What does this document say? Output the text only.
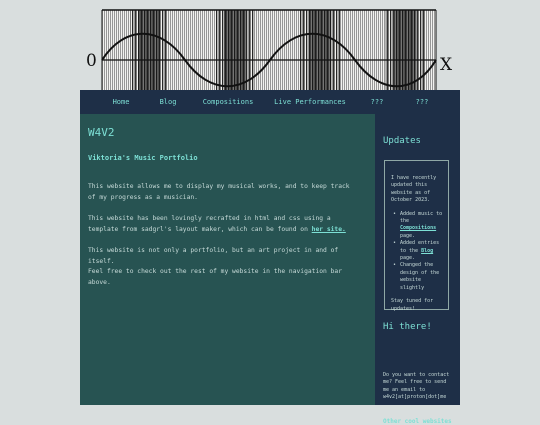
0	X
Home	Blog	Compositions	Live Performances	???	???
W4V2
Viktoria's Music Portfolio

This website allows me to display my musical works, and to keep track of my progress as a musician.

This website has been lovingly recrafted in html and css using a template from sadgrl's layout maker, which can be found on her site.

This website is not only a portfolio, but an art project in and of itself.

Feel free to check out the rest of my website in the navigation bar above.

Updates
I have recently updated this website as of October 2023.
• Added music to the Compositions page.
• Added entries to the Blog page.
• Changed the design of the website slightly
Stay tuned for updates!
Hi there!
Do you want to contact me? Feel free to send me an email to w4v2[at]proton[dot]me
Other cool websites
